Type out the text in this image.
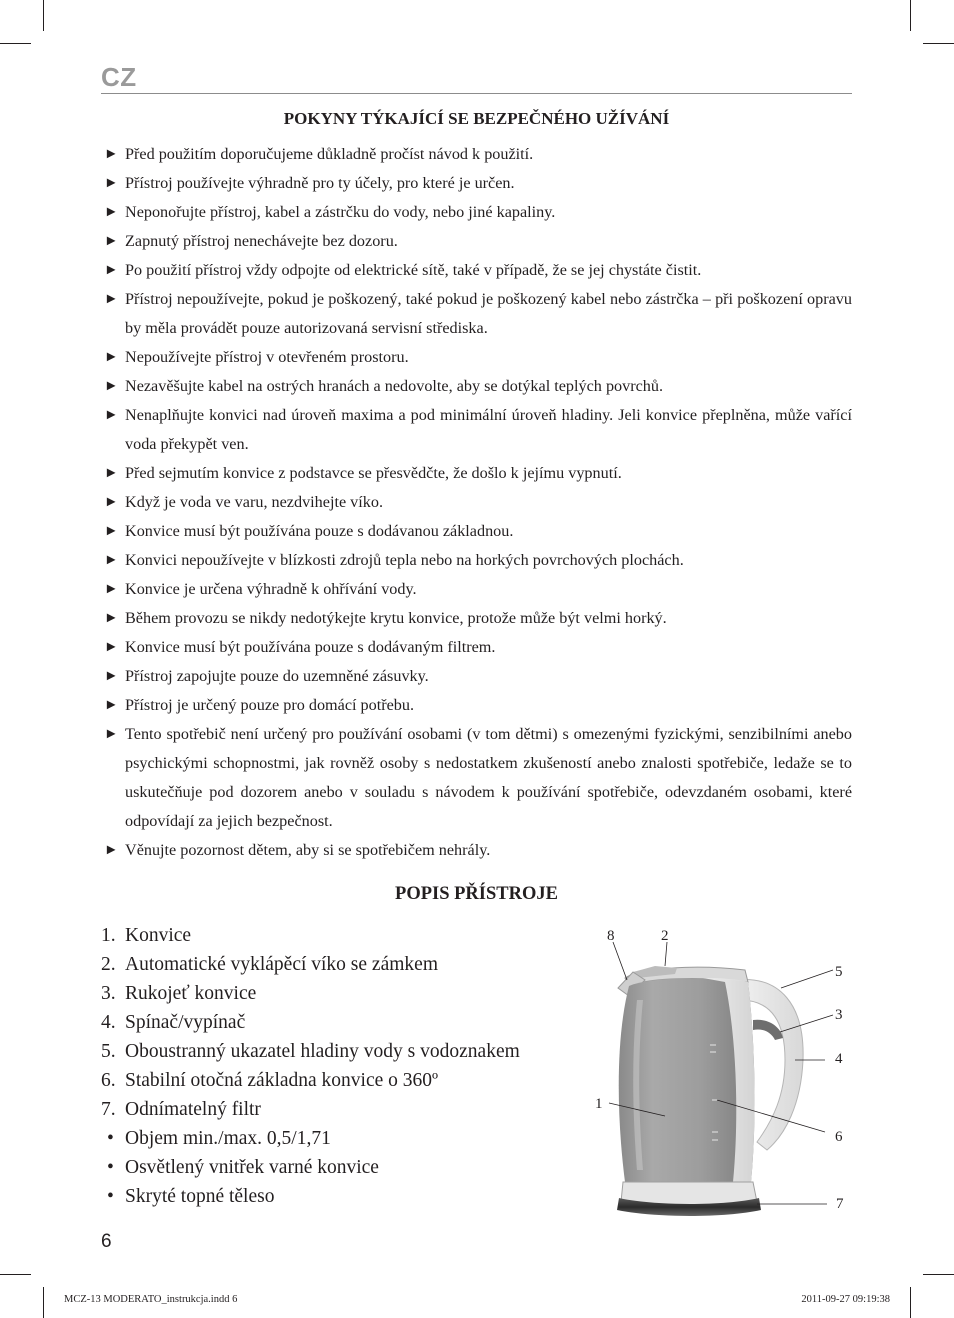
CZ
POKYNY TÝKAJÍCÍ SE BEZPEČNÉHO UŽÍVÁNÍ
► Před použitím doporučujeme důkladně pročíst návod k použití.
► Přístroj používejte výhradně pro ty účely, pro které je určen.
► Neponořujte přístroj, kabel a zástrčku do vody, nebo jiné kapaliny.
► Zapnutý přístroj nenechávejte bez dozoru.
► Po použití přístroj vždy odpojte od elektrické sítě, také v případě, že se jej chystáte čistit.
► Přístroj nepoužívejte, pokud je poškozený, také pokud je poškozený kabel nebo zástrčka – při poškození opravu by měla provádět pouze autorizovaná servisní střediska.
► Nepoužívejte přístroj v otevřeném prostoru.
► Nezavěšujte kabel na ostrých hranách a nedovolte, aby se dotýkal teplých povrchů.
► Nenaplňujte konvici nad úroveň maxima a pod minimální úroveň hladiny. Jeli konvice přeplněna, může vařící voda překypět ven.
► Před sejmutím konvice z podstavce se přesvědčte, že došlo k jejímu vypnutí.
► Když je voda ve varu, nezdvihejte víko.
► Konvice musí být používána pouze s dodávanou základnou.
► Konvici nepoužívejte v blízkosti zdrojů tepla nebo na horkých povrchových plochách.
► Konvice je určena výhradně k ohřívání vody.
► Během provozu se nikdy nedotýkejte krytu konvice, protože může být velmi horký.
► Konvice musí být používána pouze s dodávaným filtrem.
► Přístroj zapojujte pouze do uzemněné zásuvky.
► Přístroj je určený pouze pro domácí potřebu.
► Tento spotřebič není určený pro používání osobami (v tom dětmi) s omezenými fyzickými, senzibilními anebo psychickými schopnostmi, jak rovněž osoby s nedostatkem zkušeností anebo znalosti spotřebiče, ledaže se to uskutečňuje pod dozorem anebo v souladu s návodem k používání spotřebiče, odevzdaném osobami, které odpovídají za jejich bezpečnost.
► Věnujte pozornost dětem, aby si se spotřebičem nehrály.
POPIS PŘÍSTROJE
1. Konvice
2. Automatické vyklápěcí víko se zámkem
3. Rukojeť konvice
4. Spínač/vypínač
5. Oboustranný ukazatel hladiny vody s vodoznakem
6. Stabilní otočná základna konvice o 360º
7. Odnímatelný filtr
• Objem min./max. 0,5/1,71
• Osvětlený vnitřek varné konvice
• Skryté topné těleso
8	2
5
3
4
1
6
7
6
MCZ-13 MODERATO_instrukcja.indd 6	2011-09-27 09:19:38
